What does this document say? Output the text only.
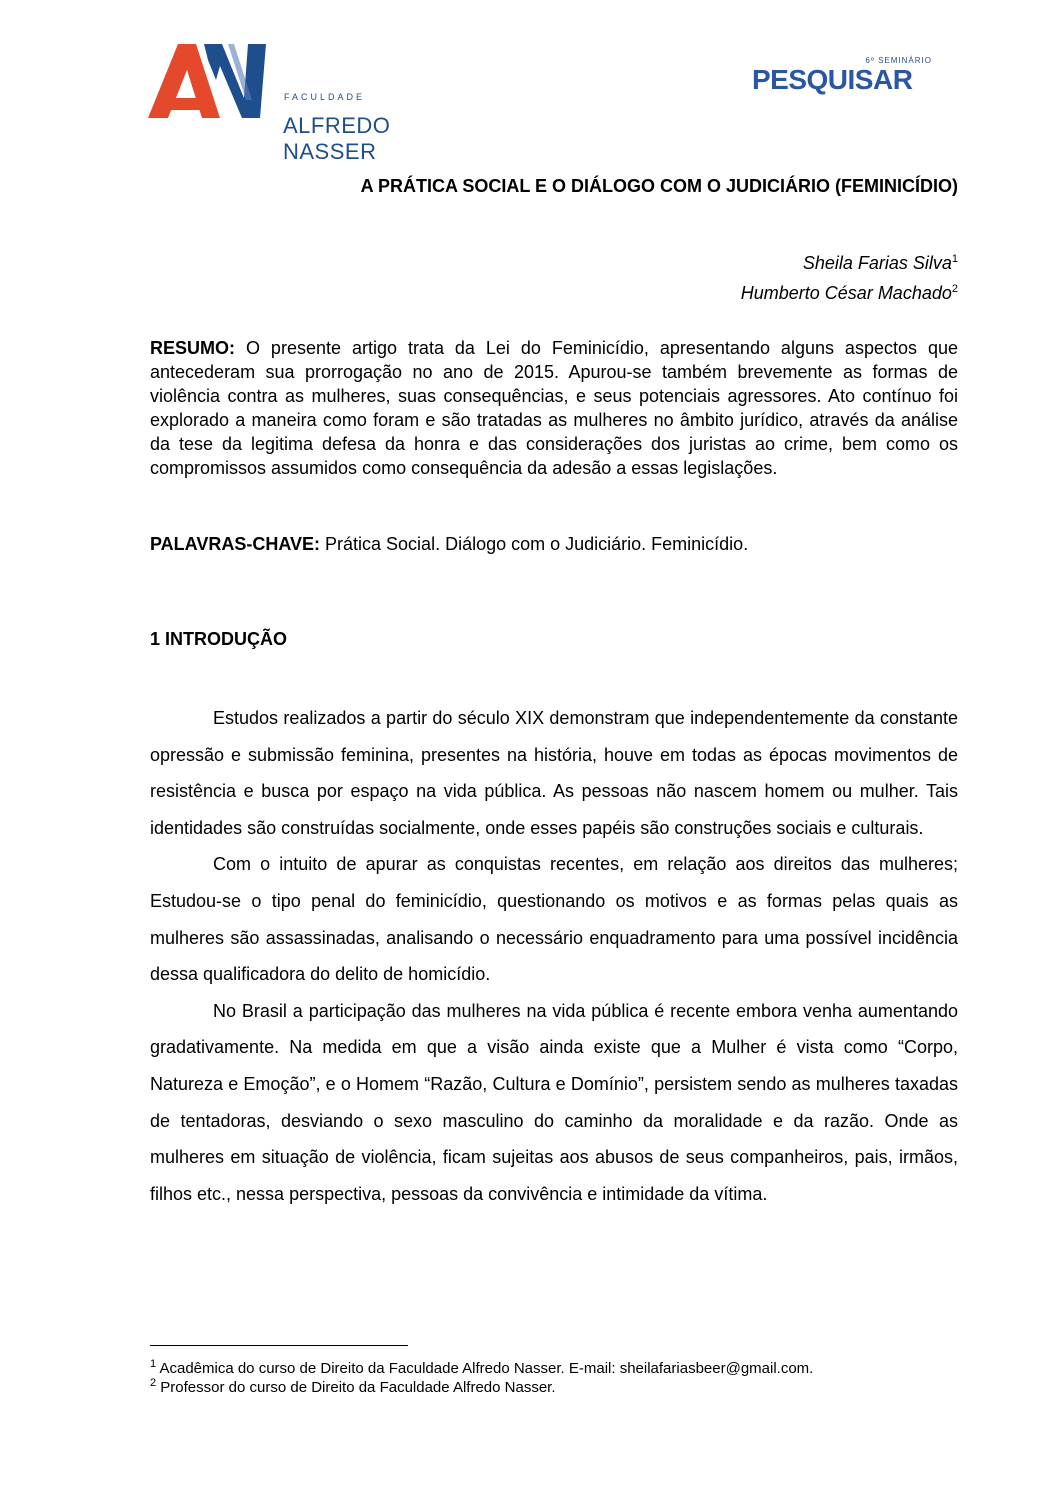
FACULDADE
ALFREDO NASSER
6º SEMINÁRIO
PESQUISAR
A PRÁTICA SOCIAL E O DIÁLOGO COM O JUDICIÁRIO (FEMINICÍDIO)
Sheila Farias Silva$^1$
Humberto César Machado$^2$
RESUMO: O presente artigo trata da Lei do Feminicídio, apresentando alguns aspectos que antecederam sua prorrogação no ano de 2015. Apurou-se também brevemente as formas de violência contra as mulheres, suas consequências, e seus potenciais agressores. Ato contínuo foi explorado a maneira como foram e são tratadas as mulheres no âmbito jurídico, através da análise da tese da legitima defesa da honra e das considerações dos juristas ao crime, bem como os compromissos assumidos como consequência da adesão a essas legislações.
PALAVRAS-CHAVE: Prática Social. Diálogo com o Judiciário. Feminicídio.
1 INTRODUÇÃO

Estudos realizados a partir do século XIX demonstram que independentemente da constante opressão e submissão feminina, presentes na história, houve em todas as épocas movimentos de resistência e busca por espaço na vida pública. As pessoas não nascem homem ou mulher. Tais identidades são construídas socialmente, onde esses papéis são construções sociais e culturais.

Com o intuito de apurar as conquistas recentes, em relação aos direitos das mulheres; Estudou-se o tipo penal do feminicídio, questionando os motivos e as formas pelas quais as mulheres são assassinadas, analisando o necessário enquadramento para uma possível incidência dessa qualificadora do delito de homicídio.

No Brasil a participação das mulheres na vida pública é recente embora venha aumentando gradativamente. Na medida em que a visão ainda existe que a Mulher é vista como “Corpo, Natureza e Emoção”, e o Homem “Razão, Cultura e Domínio”, persistem sendo as mulheres taxadas de tentadoras, desviando o sexo masculino do caminho da moralidade e da razão. Onde as mulheres em situação de violência, ficam sujeitas aos abusos de seus companheiros, pais, irmãos, filhos etc., nessa perspectiva, pessoas da convivência e intimidade da vítima.

$^1$ Acadêmica do curso de Direito da Faculdade Alfredo Nasser. E-mail: sheilafariasbeer@gmail.com.
$^2$ Professor do curso de Direito da Faculdade Alfredo Nasser.
